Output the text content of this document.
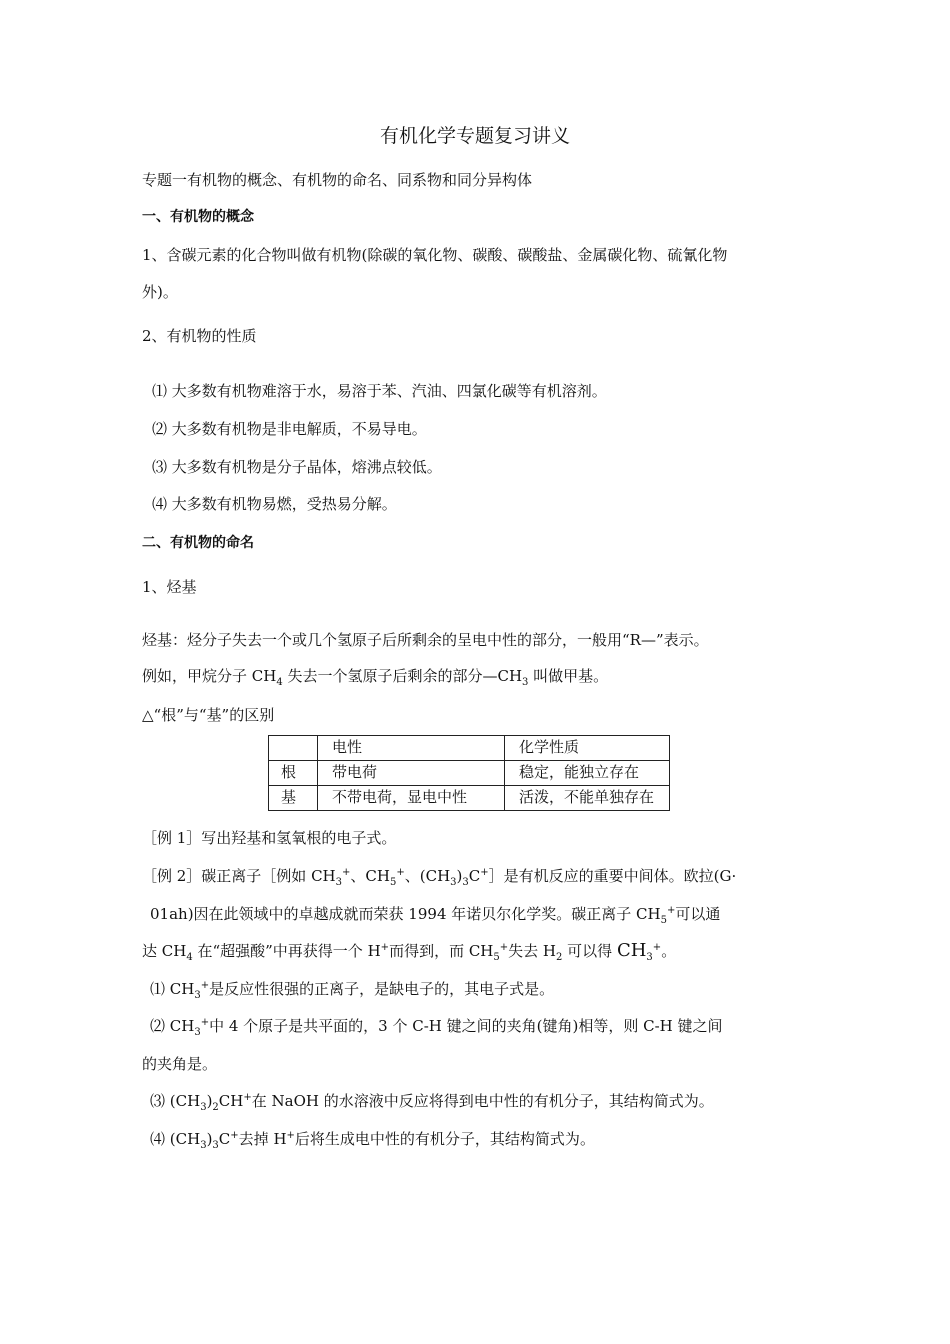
有机化学专题复习讲义
专题一有机物的概念、有机物的命名、同系物和同分异构体
一、有机物的概念
1、含碳元素的化合物叫做有机物(除碳的氧化物、碳酸、碳酸盐、金属碳化物、硫氰化物
外)。
2、有机物的性质
⑴ 大多数有机物难溶于水，易溶于苯、汽油、四氯化碳等有机溶剂。
⑵ 大多数有机物是非电解质，不易导电。
⑶ 大多数有机物是分子晶体，熔沸点较低。
⑷ 大多数有机物易燃，受热易分解。
二、有机物的命名
1、烃基
烃基：烃分子失去一个或几个氢原子后所剩余的呈电中性的部分，一般用“R—”表示。
例如，甲烷分子 $CH_4$ 失去一个氢原子后剩余的部分$—CH_3$ 叫做甲基。
△“根”与“基”的区别
	电性	化学性质
根	带电荷	稳定，能独立存在
基	不带电荷，显电中性	活泼，不能单独存在
［例 1］写出羟基和氢氧根的电子式。
［例 2］碳正离子［例如 $CH_3^+$、$CH_5^+$、$(CH_3)_3C^+]$是有机反应的重要中间体。欧拉(G·
01ah)因在此领域中的卓越成就而荣获 1994 年诺贝尔化学奖。碳正离子 $CH_5^+$可以通
达 $CH_4$ 在“超强酸”中再获得一个 H+而得到，而 $CH_5^+$失去 $H_2$ 可以得 $CH_3^+$。
⑴ $CH_3^+$是反应性很强的正离子，是缺电子的，其电子式是。
⑵ $CH_3^+$中 4 个原子是共平面的，3 个 C-H 键之间的夹角(键角)相等，则 C-H 键之间
的夹角是。
⑶ $(CH_3)_2CH^+$在 NaOH 的水溶液中反应将得到电中性的有机分子，其结构简式为。
⑷ $(CH_3)_3C^+$去掉 H+后将生成电中性的有机分子，其结构简式为。
